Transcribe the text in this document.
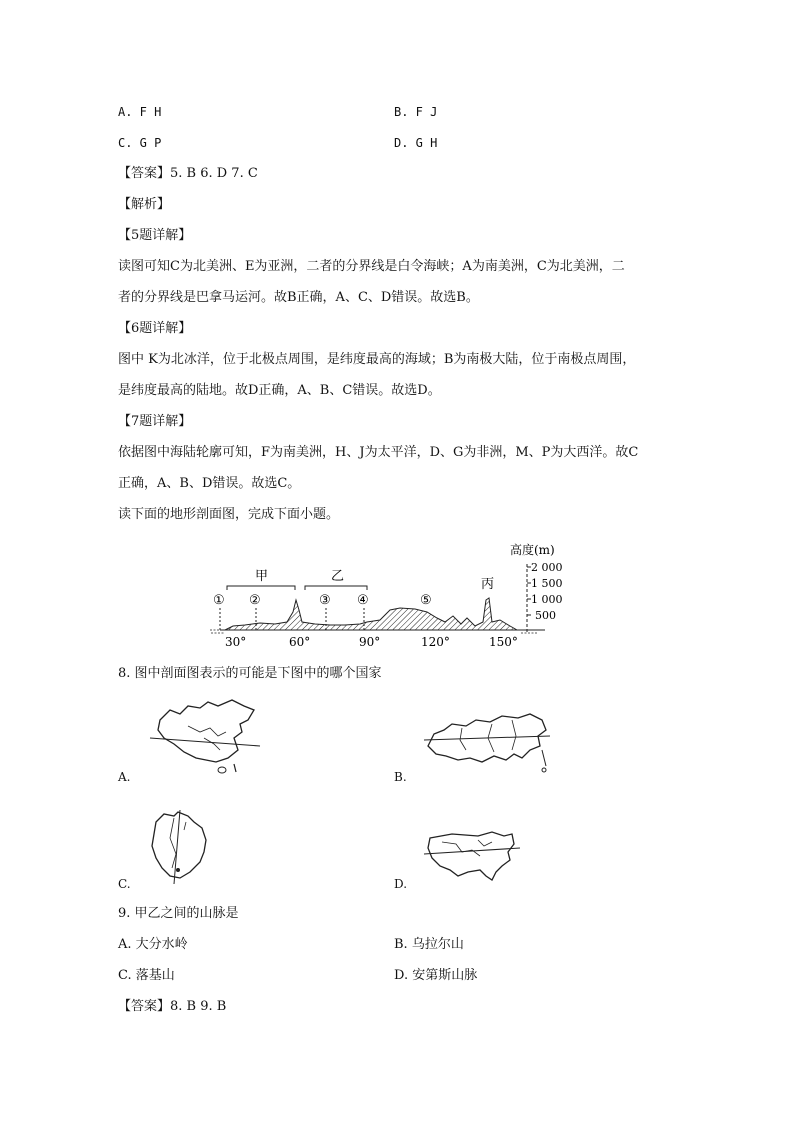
A. F H	B. F J
C. G P	D. G H
【答案】5. B 6. D 7. C
【解析】
【5题详解】
读图可知C为北美洲、E为亚洲，二者的分界线是白令海峡；A为南美洲，C为北美洲，二
者的分界线是巴拿马运河。故B正确，A、C、D错误。故选B。
【6题详解】
图中 K为北冰洋，位于北极点周围，是纬度最高的海域；B为南极大陆，位于南极点周围，
是纬度最高的陆地。故D正确，A、B、C错误。故选D。
【7题详解】
依据图中海陆轮廓可知，F为南美洲，H、J为太平洋，D、G为非洲，M、P为大西洋。故C
正确，A、B、D错误。故选C。
读下面的地形剖面图，完成下面小题。
高度(m)
2 000
1 500
1 000
500
甲	乙
丙
① ②	③ ④	⑤
30°	60°	90°	120°	150°
8. 图中剖面图表示的可能是下图中的哪个国家
A.	B.
C.	D.
9. 甲乙之间的山脉是
A. 大分水岭	B. 乌拉尔山
C. 落基山	D. 安第斯山脉
【答案】8. B 9. B
